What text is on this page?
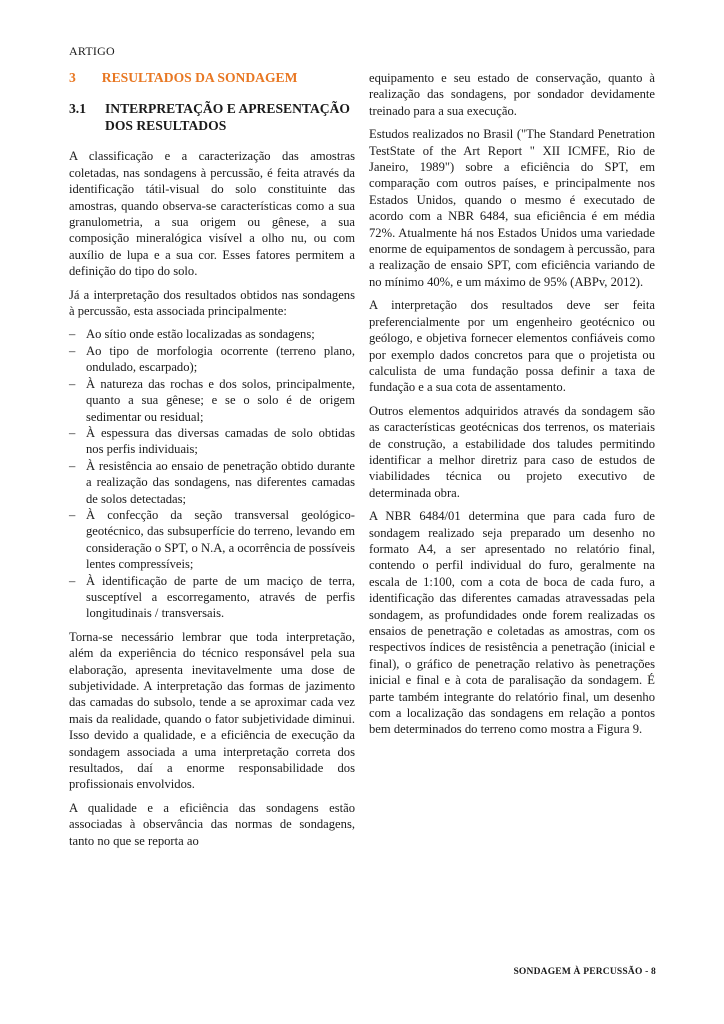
ARTIGO
3 RESULTADOS DA SONDAGEM
3.1	INTERPRETAÇÃO E APRESENTAÇÃO DOS RESULTADOS

A classificação e a caracterização das amostras coletadas, nas sondagens à percussão, é feita através da identificação tátil-visual do solo constituinte das amostras, quando observa-se características como a sua granulometria, a sua origem ou gênese, a sua composição mineralógica visível a olho nu, ou com auxílio de lupa e a sua cor. Esses fatores permitem a definição do tipo do solo.

Já a interpretação dos resultados obtidos nas sondagens à percussão, esta associada principalmente:

– Ao sítio onde estão localizadas as sondagens;
– Ao tipo de morfologia ocorrente (terreno plano, ondulado, escarpado);
– À natureza das rochas e dos solos, principalmente, quanto a sua gênese; e se o solo é de origem sedimentar ou residual;
– À espessura das diversas camadas de solo obtidas nos perfis individuais;
– À resistência ao ensaio de penetração obtido durante a realização das sondagens, nas diferentes camadas de solos detectadas;
– À confecção da seção transversal geológico-geotécnico, das subsuperfície do terreno, levando em consideração o SPT, o N.A, a ocorrência de possíveis lentes compressíveis;
– À identificação de parte de um maciço de terra, susceptível a escorregamento, através de perfis longitudinais / transversais.

Torna-se necessário lembrar que toda interpretação, além da experiência do técnico responsável pela sua elaboração, apresenta inevitavelmente uma dose de subjetividade. A interpretação das formas de jazimento das camadas do subsolo, tende a se aproximar cada vez mais da realidade, quando o fator subjetividade diminui. Isso devido a qualidade, e a eficiência de execução da sondagem associada a uma interpretação correta dos resultados, daí a enorme responsabilidade dos profissionais envolvidos.

A qualidade e a eficiência das sondagens estão associadas à observância das normas de sondagens, tanto no que se reporta ao

equipamento e seu estado de conservação, quanto à realização das sondagens, por sondador devidamente treinado para a sua execução.

Estudos realizados no Brasil ("The Standard Penetration TestState of the Art Report " XII ICMFE, Rio de Janeiro, 1989") sobre a eficiência do SPT, em comparação com outros países, e principalmente nos Estados Unidos, quando o mesmo é executado de acordo com a NBR 6484, sua eficiência é em média 72%. Atualmente há nos Estados Unidos uma variedade enorme de equipamentos de sondagem à percussão, para a realização de ensaio SPT, com eficiência variando de no mínimo 40%, e um máximo de 95% (ABPv, 2012).

A interpretação dos resultados deve ser feita preferencialmente por um engenheiro geotécnico ou geólogo, e objetiva fornecer elementos confiáveis como por exemplo dados concretos para que o projetista ou calculista de uma fundação possa definir a taxa de fundação e a sua cota de assentamento.

Outros elementos adquiridos através da sondagem são as características geotécnicas dos terrenos, os materiais de construção, a estabilidade dos taludes permitindo identificar a melhor diretriz para caso de estudos de viabilidades técnica ou projeto executivo de determinada obra.

A NBR 6484/01 determina que para cada furo de sondagem realizado seja preparado um desenho no formato A4, a ser apresentado no relatório final, contendo o perfil individual do furo, geralmente na escala de 1:100, com a cota de boca de cada furo, a identificação das diferentes camadas atravessadas pela sondagem, as profundidades onde forem realizadas os ensaios de penetração e coletadas as amostras, com os respectivos índices de resistência a penetração (inicial e final), o gráfico de penetração relativo às penetrações inicial e final e à cota de paralisação da sondagem. É parte também integrante do relatório final, um desenho com a localização das sondagens em relação a pontos bem determinados do terreno como mostra a Figura 9.

SONDAGEM À PERCUSSÃO - 8
